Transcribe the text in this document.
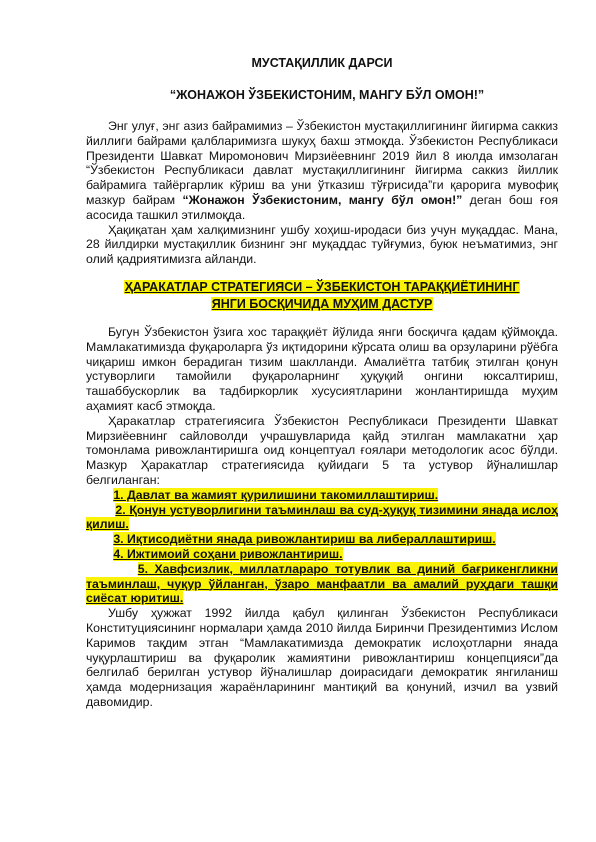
МУСТАҚИЛЛИК ДАРСИ
“ЖОНАЖОН ЎЗБЕКИСТОНИМ, МАНГУ БЎЛ ОМОН!”

Энг улуғ, энг азиз байрамимиз – Ўзбекистон мустақиллигининг йигирма саккиз йиллиги байрами қалбларимизга шукуҳ бахш этмоқда. Ўзбекистон Республикаси Президенти Шавкат Миромонович Мирзиёевнинг 2019 йил 8 июлда имзолаган “Ўзбекистон Республикаси давлат мустақиллигининг йигирма саккиз йиллик байрамига тайёргарлик кўриш ва уни ўтказиш тўғрисида”ги қарорига мувофиқ мазкур байрам “Жонажон Ўзбекистоним, мангу бўл омон!” деган бош ғоя асосида ташкил этилмоқда.

Ҳақиқатан ҳам халқимизнинг ушбу хоҳиш-иродаси биз учун муқаддас. Мана, 28 йилдирки мустақиллик бизнинг энг муқаддас туйғумиз, буюк неъматимиз, энг олий қадриятимизга айланди.

ҲАРАКАТЛАР СТРАТЕГИЯСИ – ЎЗБЕКИСТОН ТАРАҚҚИЁТИНИНГ
ЯНГИ БОСҚИЧИДА МУҲИМ ДАСТУР

Бугун Ўзбекистон ўзига хос тараққиёт йўлида янги босқичга қадам қўймоқда. Мамлакатимизда фуқароларга ўз иқтидорини кўрсата олиш ва орзуларини рўёбга чиқариш имкон берадиган тизим шаклланди. Амалиётга татбиқ этилган қонун устуворлиги тамойили фуқароларнинг ҳуқуқий онгини юксалтириш, ташаббускорлик ва тадбиркорлик хусусиятларини жонлантиришда муҳим аҳамият касб этмоқда.

Ҳаракатлар стратегиясига Ўзбекистон Республикаси Президенти Шавкат Мирзиёевнинг сайловолди учрашувларида қайд этилган мамлакатни ҳар томонлама ривожлантиришга оид концептуал ғоялари методологик асос бўлди. Мазкур Ҳаракатлар стратегиясида қуйидаги 5 та устувор йўналишлар белгиланган:

1. Давлат ва жамият қурилишини такомиллаштириш.
2. Қонун устуворлигини таъминлаш ва суд-ҳуқуқ тизимини янада ислоҳ қилиш.
3. Иқтисодиётни янада ривожлантириш ва либераллаштириш.
4. Ижтимоий соҳани ривожлантириш.
5. Хавфсизлик, миллатлараро тотувлик ва диний бағрикенгликни таъминлаш, чуқур ўйланган, ўзаро манфаатли ва амалий руҳдаги ташқи сиёсат юритиш.

Ушбу ҳужжат 1992 йилда қабул қилинган Ўзбекистон Республикаси Конституциясининг нормалари ҳамда 2010 йилда Биринчи Президентимиз Ислом Каримов тақдим этган “Мамлакатимизда демократик ислоҳотларни янада чуқурлаштириш ва фуқаролик жамиятини ривожлантириш концепцияси”да белгилаб берилган устувор йўналишлар доирасидаги демократик янгиланиш ҳамда модернизация жараёнларининг мантиқий ва қонуний, изчил ва узвий давомидир.
